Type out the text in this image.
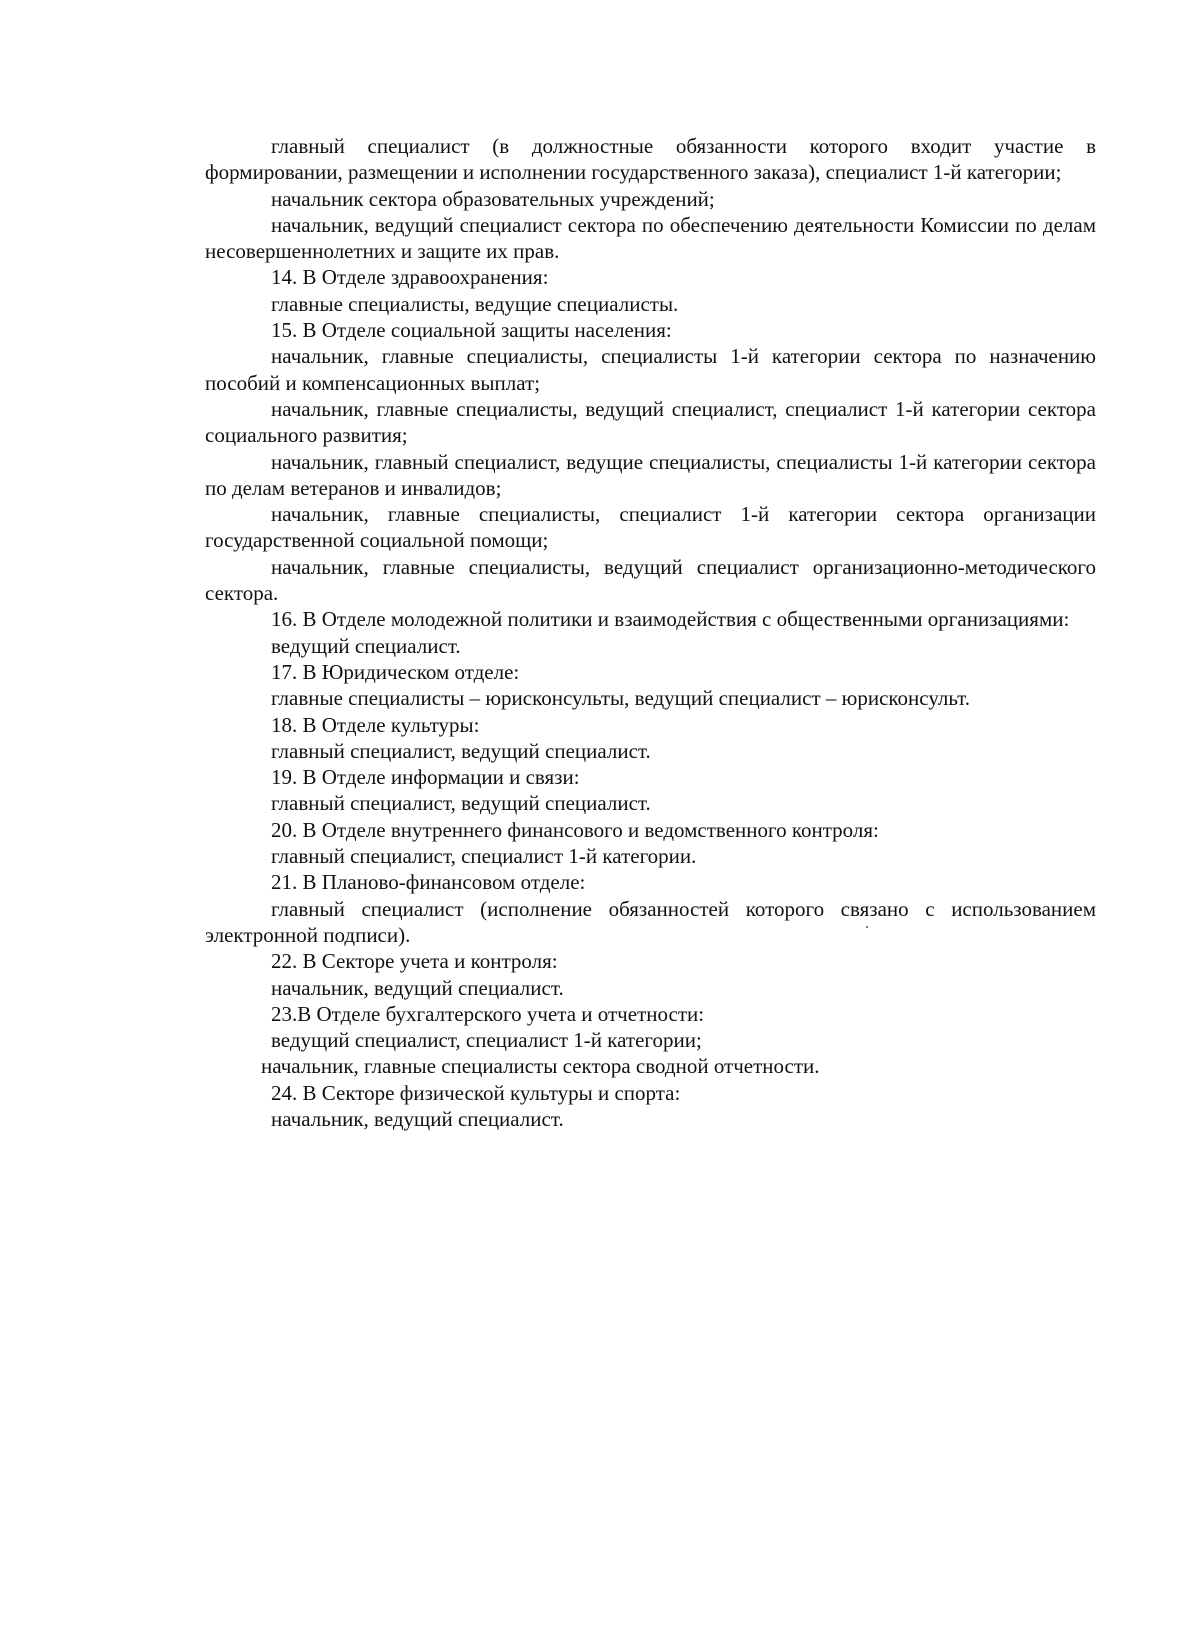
главный специалист (в должностные обязанности которого входит участие в формировании, размещении и исполнении государственного заказа), специалист 1-й категории;

начальник сектора образовательных учреждений;

начальник, ведущий специалист сектора по обеспечению деятельности Комиссии по делам несовершеннолетних и защите их прав.

14. В Отделе здравоохранения:

главные специалисты, ведущие специалисты.

15. В Отделе социальной защиты населения:

начальник, главные специалисты, специалисты 1-й категории сектора по назначению пособий и компенсационных выплат;

начальник, главные специалисты, ведущий специалист, специалист 1-й категории сектора социального развития;

начальник, главный специалист, ведущие специалисты, специалисты 1-й категории сектора по делам ветеранов и инвалидов;

начальник, главные специалисты, специалист 1-й категории сектора организации государственной социальной помощи;

начальник, главные специалисты, ведущий специалист организационно-методического сектора.

16. В Отделе молодежной политики и взаимодействия с общественными организациями:

ведущий специалист.

17. В Юридическом отделе:

главные специалисты – юрисконсульты, ведущий специалист – юрисконсульт.

18. В Отделе культуры:

главный специалист, ведущий специалист.

19. В Отделе информации и связи:

главный специалист, ведущий специалист.

20. В Отделе внутреннего финансового и ведомственного контроля:

главный специалист, специалист 1-й категории.

21. В Планово-финансовом отделе:

главный специалист (исполнение обязанностей которого связано с использованием электронной подписи).

22. В Секторе учета и контроля:

начальник, ведущий специалист.

23.В Отделе бухгалтерского учета и отчетности:

ведущий специалист, специалист 1-й категории;

начальник, главные специалисты сектора сводной отчетности.

24. В Секторе физической культуры и спорта:

начальник, ведущий специалист.
